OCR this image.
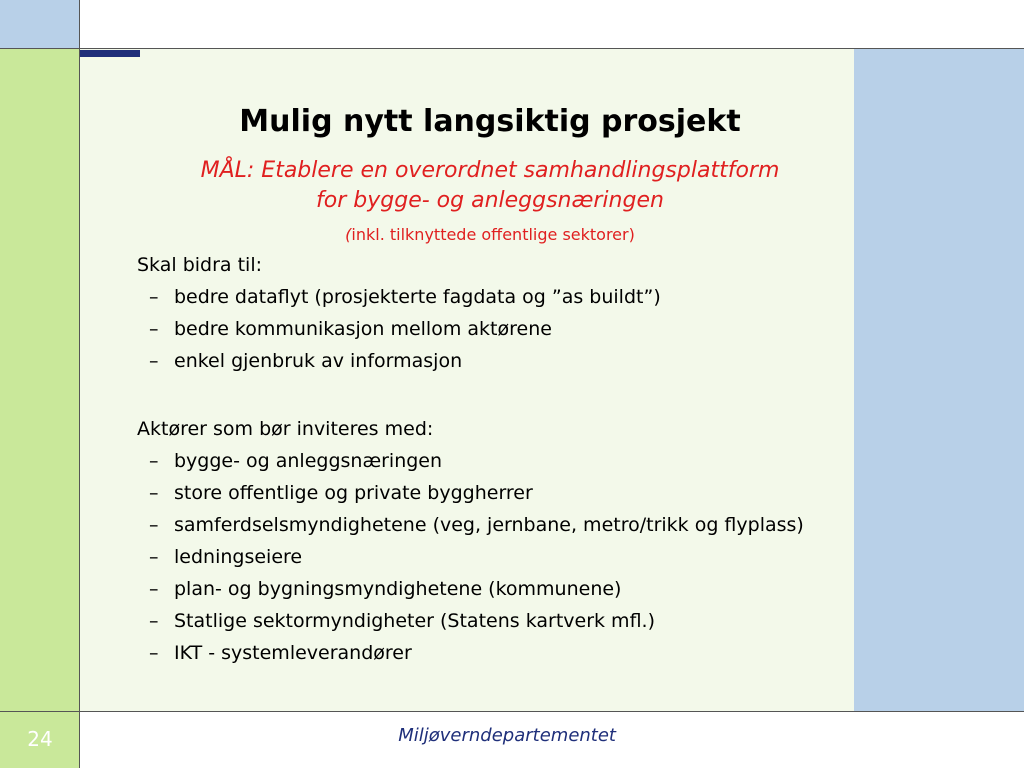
Mulig nytt langsiktig prosjekt
MÅL: Etablere en overordnet samhandlingsplattform
for bygge- og anleggsnæringen
(inkl. tilknyttede offentlige sektorer)
Skal bidra til:
– bedre dataflyt (prosjekterte fagdata og ”as buildt”)
– bedre kommunikasjon mellom aktørene
– enkel gjenbruk av informasjon
Aktører som bør inviteres med:
– bygge- og anleggsnæringen
– store offentlige og private byggherrer
– samferdselsmyndighetene (veg, jernbane, metro/trikk og flyplass)
– ledningseiere
– plan- og bygningsmyndighetene (kommunene)
– Statlige sektormyndigheter (Statens kartverk mfl.)
– IKT - systemleverandører
24	Miljøverndepartementet
